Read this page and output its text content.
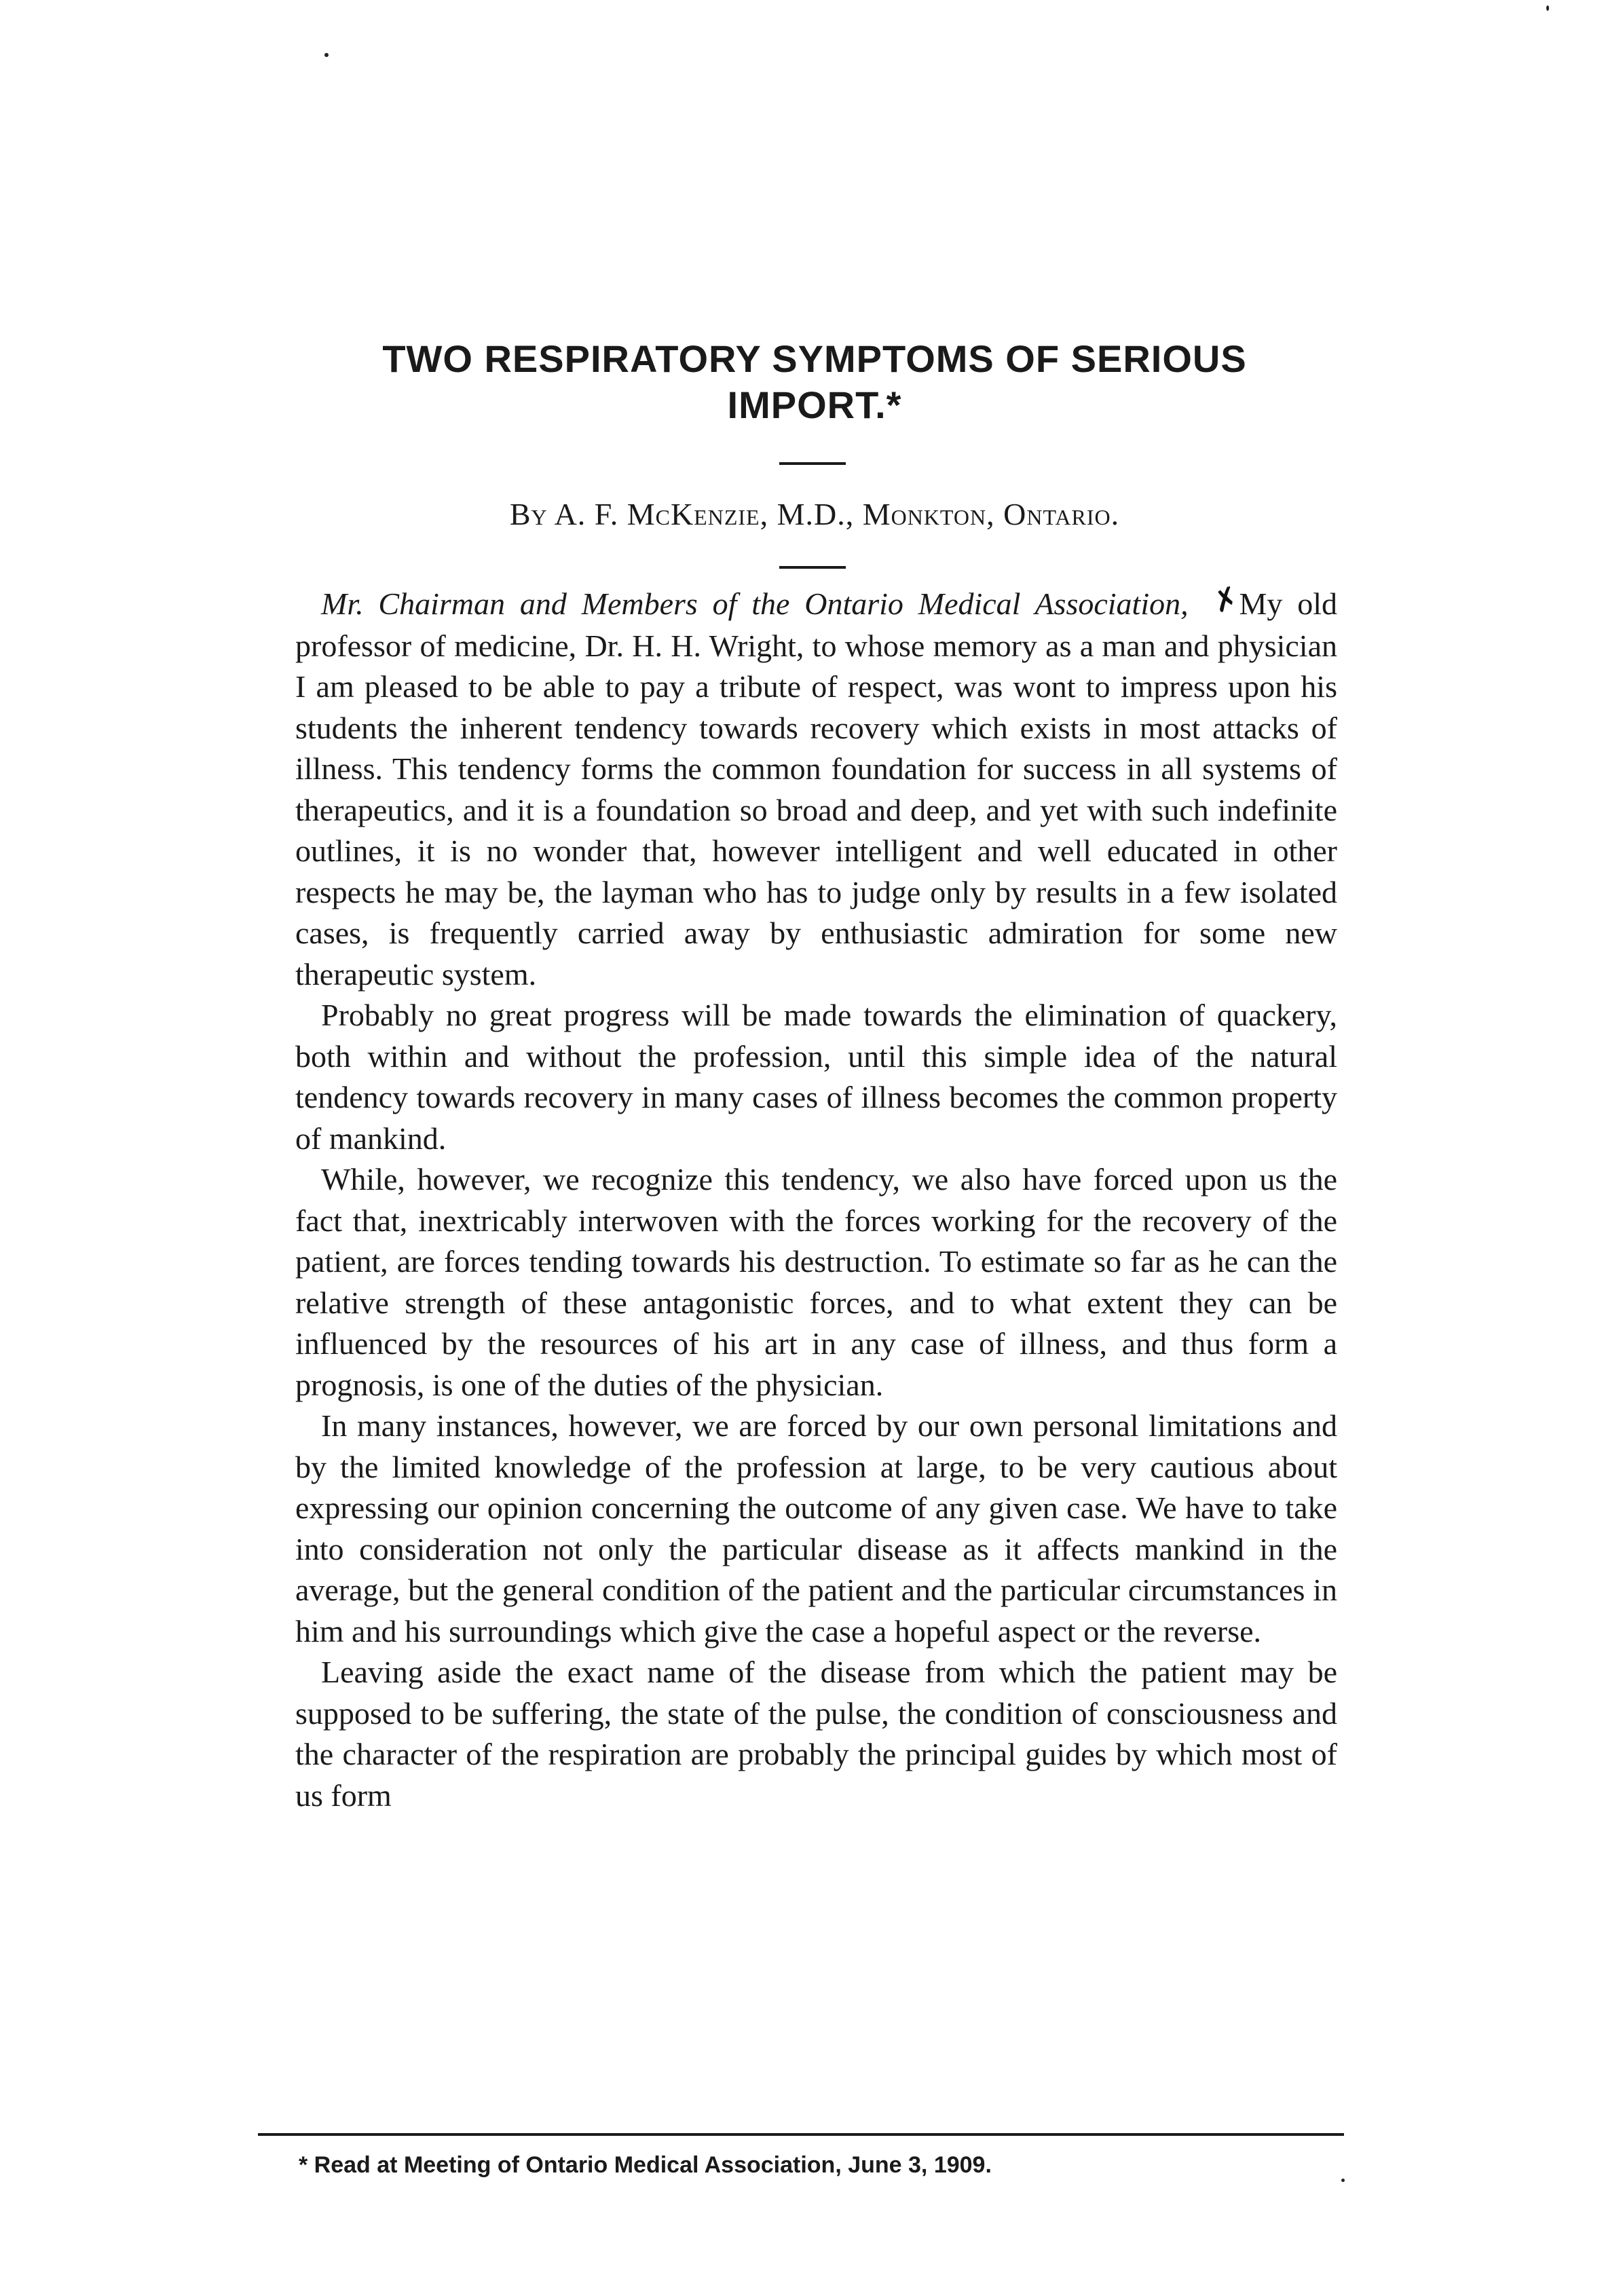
TWO RESPIRATORY SYMPTOMS OF SERIOUS IMPORT.*

By A. F. McKenzie, M.D., Monkton, Ontario.

Mr. Chairman and Members of the Ontario Medical Association, ✗My old professor of medicine, Dr. H. H. Wright, to whose memory as a man and physician I am pleased to be able to pay a tribute of respect, was wont to impress upon his students the inherent tendency towards recovery which exists in most attacks of illness. This tendency forms the common foundation for success in all systems of therapeutics, and it is a foundation so broad and deep, and yet with such indefinite outlines, it is no wonder that, however intelligent and well educated in other respects he may be, the layman who has to judge only by results in a few isolated cases, is frequently carried away by enthusiastic admiration for some new therapeutic system.

Probably no great progress will be made towards the elimination of quackery, both within and without the profession, until this simple idea of the natural tendency towards recovery in many cases of illness becomes the common property of mankind.

While, however, we recognize this tendency, we also have forced upon us the fact that, inextricably interwoven with the forces working for the recovery of the patient, are forces tending towards his destruction. To estimate so far as he can the relative strength of these antagonistic forces, and to what extent they can be influenced by the resources of his art in any case of illness, and thus form a prognosis, is one of the duties of the physician.

In many instances, however, we are forced by our own personal limitations and by the limited knowledge of the profession at large, to be very cautious about expressing our opinion concerning the outcome of any given case. We have to take into consideration not only the particular disease as it affects mankind in the average, but the general condition of the patient and the particular circumstances in him and his surroundings which give the case a hopeful aspect or the reverse.

Leaving aside the exact name of the disease from which the patient may be supposed to be suffering, the state of the pulse, the condition of consciousness and the character of the respiration are probably the principal guides by which most of us form

* Read at Meeting of Ontario Medical Association, June 3, 1909.
